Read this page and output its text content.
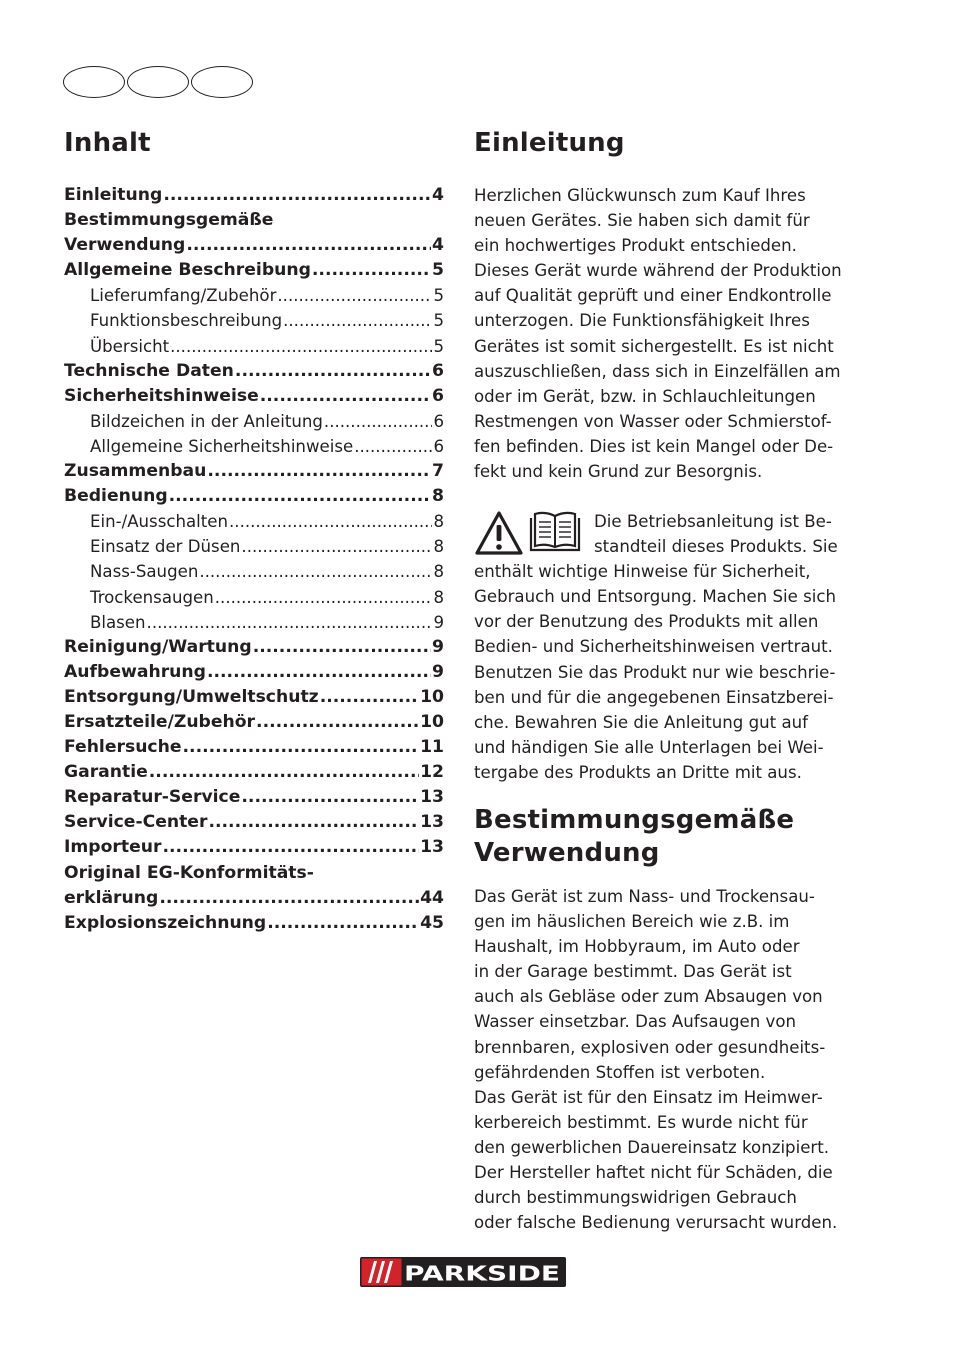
Inhalt
Einleitung .....	4
Bestimmungsgemäße
Verwendung .....	4
Allgemeine Beschreibung .....	5
Lieferumfang/Zubehör .....	5
Funktionsbeschreibung .....	5
Übersicht .....	5
Technische Daten .....	6
Sicherheitshinweise .....	6
Bildzeichen in der Anleitung .....	6
Allgemeine Sicherheitshinweise .....	6
Zusammenbau .....	7
Bedienung .....	8
Ein-/Ausschalten .....	8
Einsatz der Düsen .....	8
Nass-Saugen .....	8
Trockensaugen .....	8
Blasen .....	9
Reinigung/Wartung .....	9
Aufbewahrung .....	9
Entsorgung/Umweltschutz .....	10
Ersatzteile/Zubehör .....	10
Fehlersuche .....	11
Garantie .....	12
Reparatur-Service .....	13
Service-Center .....	13
Importeur .....	13
Original EG-Konformitäts-
erklärung .....	44
Explosionszeichnung .....	45
Einleitung
Herzlichen Glückwunsch zum Kauf Ihres
neuen Gerätes. Sie haben sich damit für
ein hochwertiges Produkt entschieden.
Dieses Gerät wurde während der Produktion
auf Qualität geprüft und einer Endkontrolle
unterzogen. Die Funktionsfähigkeit Ihres
Gerätes ist somit sichergestellt. Es ist nicht
auszuschließen, dass sich in Einzelfällen am
oder im Gerät, bzw. in Schlauchleitungen
Restmengen von Wasser oder Schmierstof-
fen befinden. Dies ist kein Mangel oder De-
fekt und kein Grund zur Besorgnis.
Die Betriebsanleitung ist Be-
standteil dieses Produkts. Sie
enthält wichtige Hinweise für Sicherheit,
Gebrauch und Entsorgung. Machen Sie sich
vor der Benutzung des Produkts mit allen
Bedien- und Sicherheitshinweisen vertraut.
Benutzen Sie das Produkt nur wie beschrie-
ben und für die angegebenen Einsatzberei-
che. Bewahren Sie die Anleitung gut auf
und händigen Sie alle Unterlagen bei Wei-
tergabe des Produkts an Dritte mit aus.
Bestimmungsgemäße
Verwendung
Das Gerät ist zum Nass- und Trockensau-
gen im häuslichen Bereich wie z.B. im
Haushalt, im Hobbyraum, im Auto oder
in der Garage bestimmt. Das Gerät ist
auch als Gebläse oder zum Absaugen von
Wasser einsetzbar. Das Aufsaugen von
brennbaren, explosiven oder gesundheits-
gefährdenden Stoffen ist verboten.
Das Gerät ist für den Einsatz im Heimwer-
kerbereich bestimmt. Es wurde nicht für
den gewerblichen Dauereinsatz konzipiert.
Der Hersteller haftet nicht für Schäden, die
durch bestimmungswidrigen Gebrauch
oder falsche Bedienung verursacht wurden.
PARKSIDE
